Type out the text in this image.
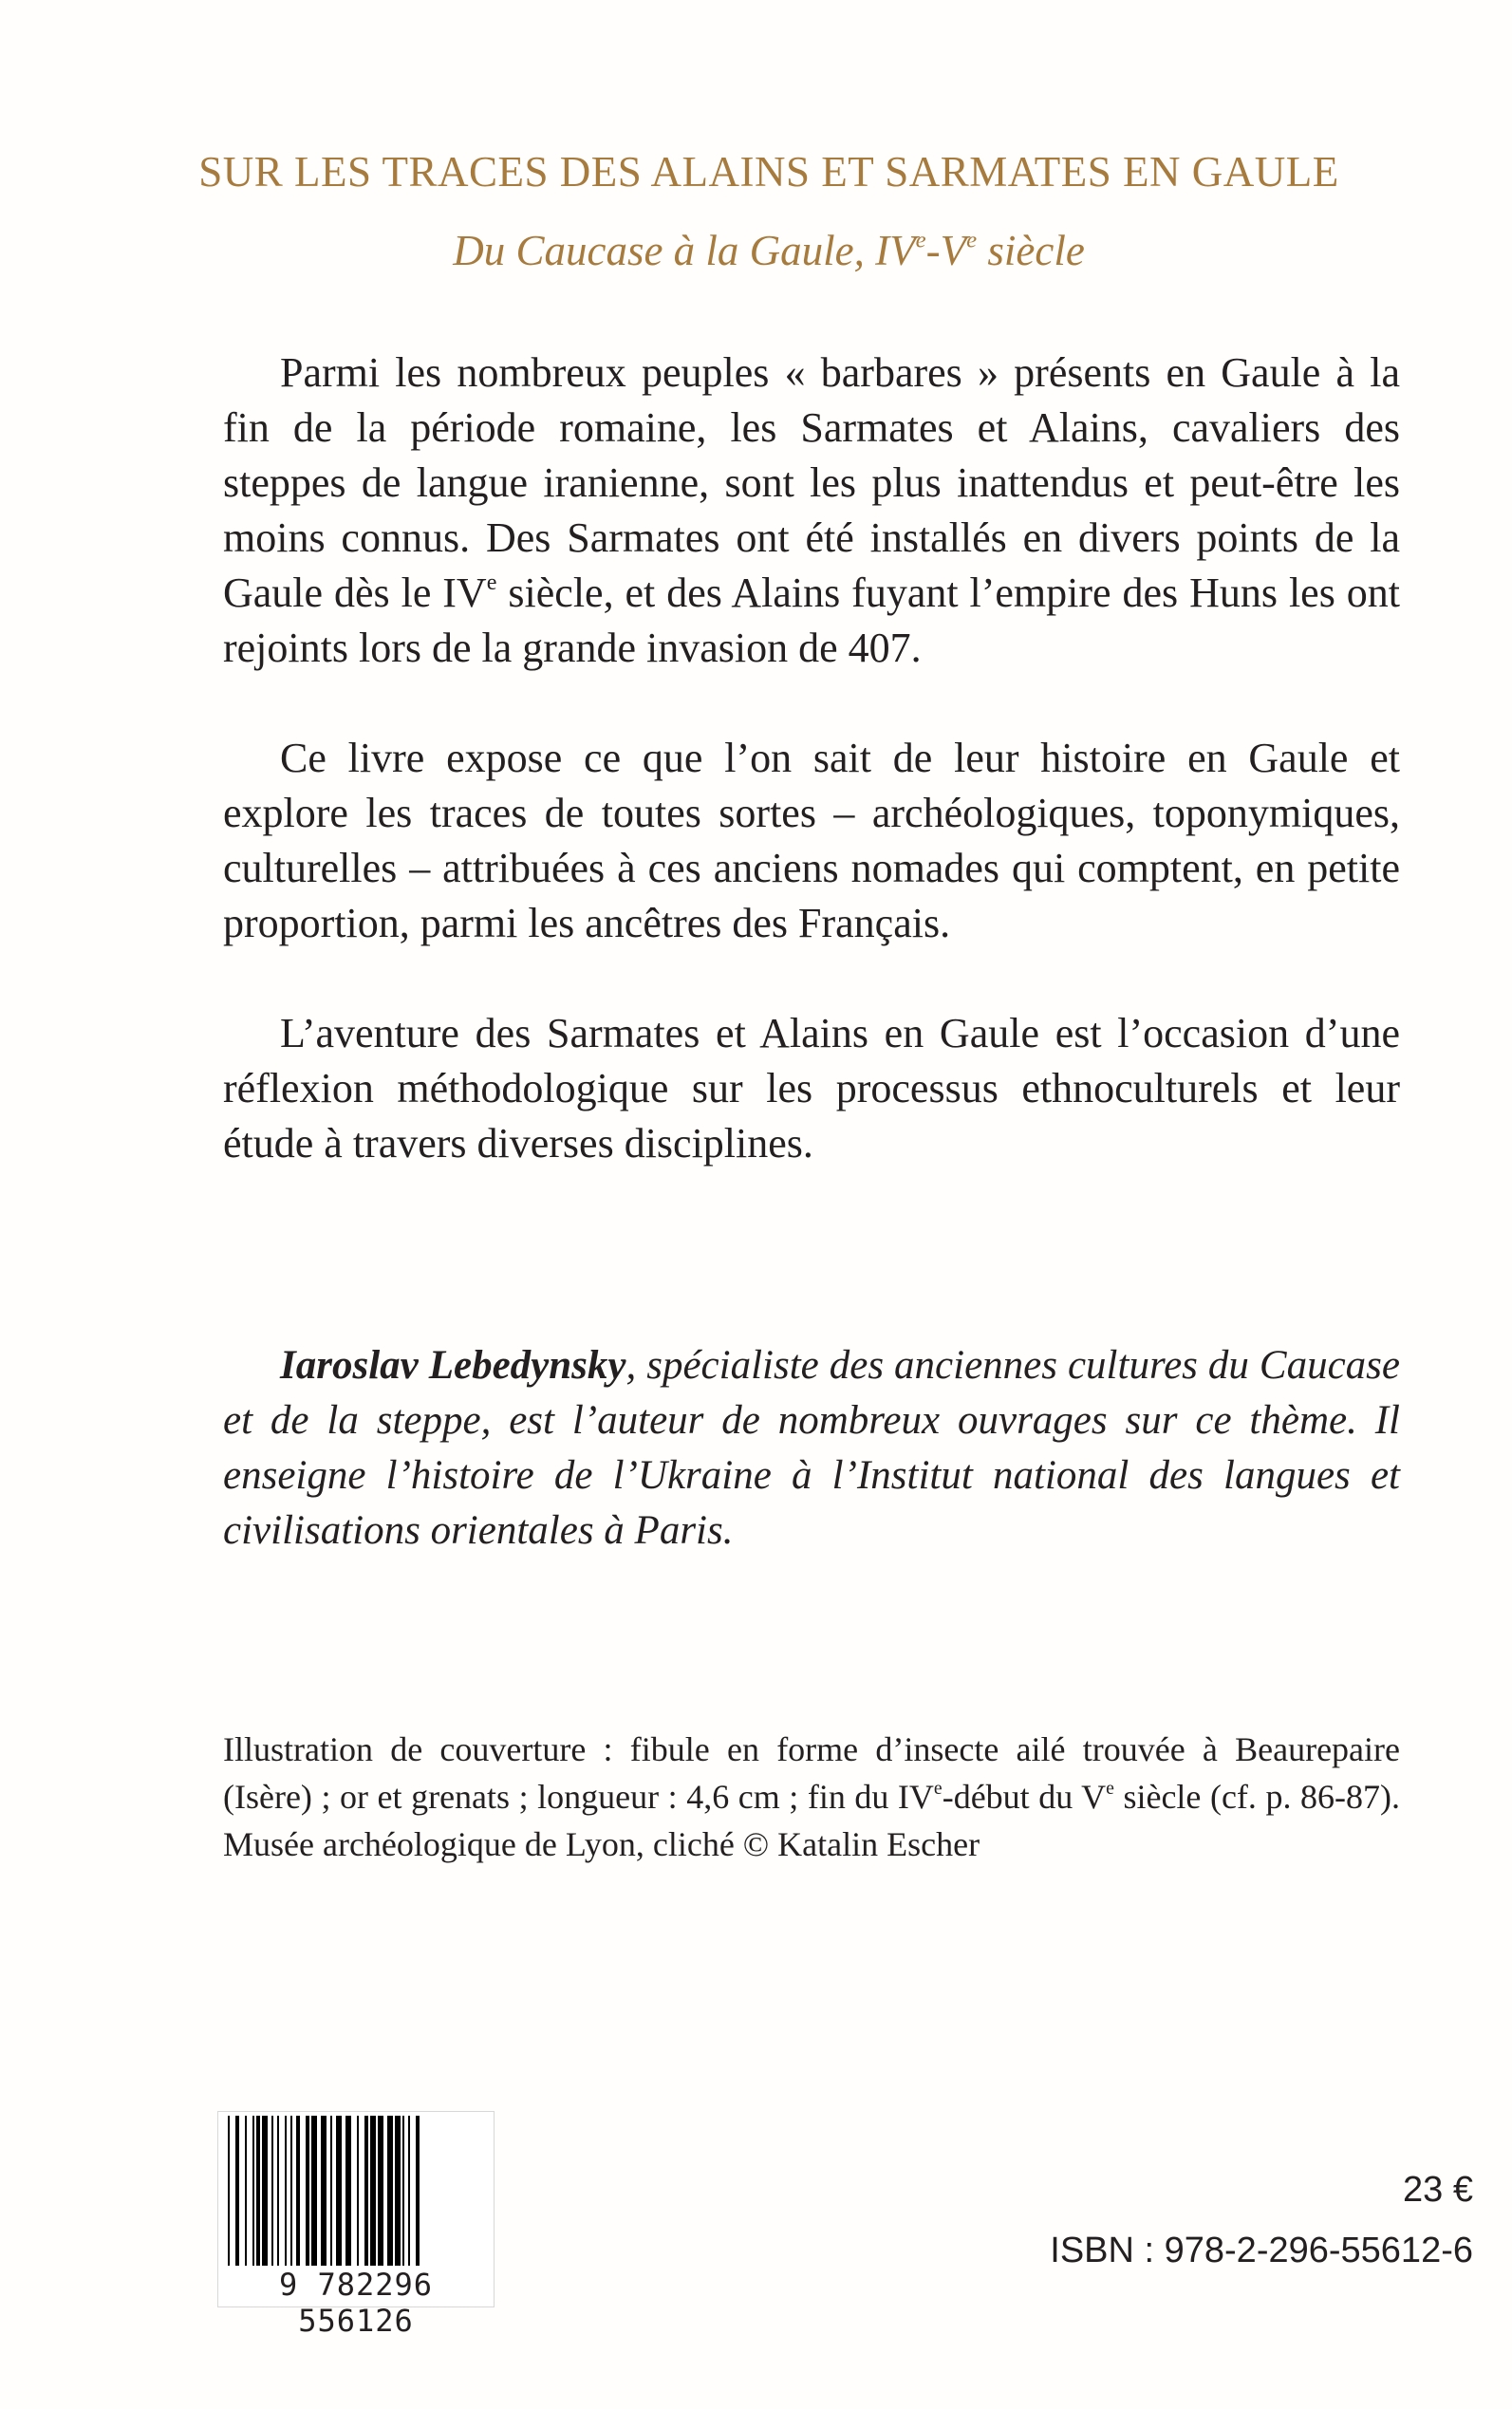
SUR LES TRACES DES ALAINS ET SARMATES EN GAULE
Du Caucase à la Gaule, IVe-Ve siècle

Parmi les nombreux peuples « barbares » présents en Gaule à la fin de la période romaine, les Sarmates et Alains, cavaliers des steppes de langue iranienne, sont les plus inattendus et peut-être les moins connus. Des Sarmates ont été installés en divers points de la Gaule dès le IVe siècle, et des Alains fuyant l’empire des Huns les ont rejoints lors de la grande invasion de 407.

Ce livre expose ce que l’on sait de leur histoire en Gaule et explore les traces de toutes sortes – archéologiques, toponymiques, culturelles – attribuées à ces anciens nomades qui comptent, en petite proportion, parmi les ancêtres des Français.

L’aventure des Sarmates et Alains en Gaule est l’occasion d’une réflexion méthodologique sur les processus ethnoculturels et leur étude à travers diverses disciplines.

Iaroslav Lebedynsky, spécialiste des anciennes cultures du Caucase et de la steppe, est l’auteur de nombreux ouvrages sur ce thème. Il enseigne l’histoire de l’Ukraine à l’Institut national des langues et civilisations orientales à Paris.

Illustration de couverture : fibule en forme d’insecte ailé trouvée à Beaurepaire (Isère) ; or et grenats ; longueur : 4,6 cm ; fin du IVe-début du Ve siècle (cf. p. 86-87). Musée archéologique de Lyon, cliché © Katalin Escher
9 782296 556126
23 €
ISBN : 978-2-296-55612-6
